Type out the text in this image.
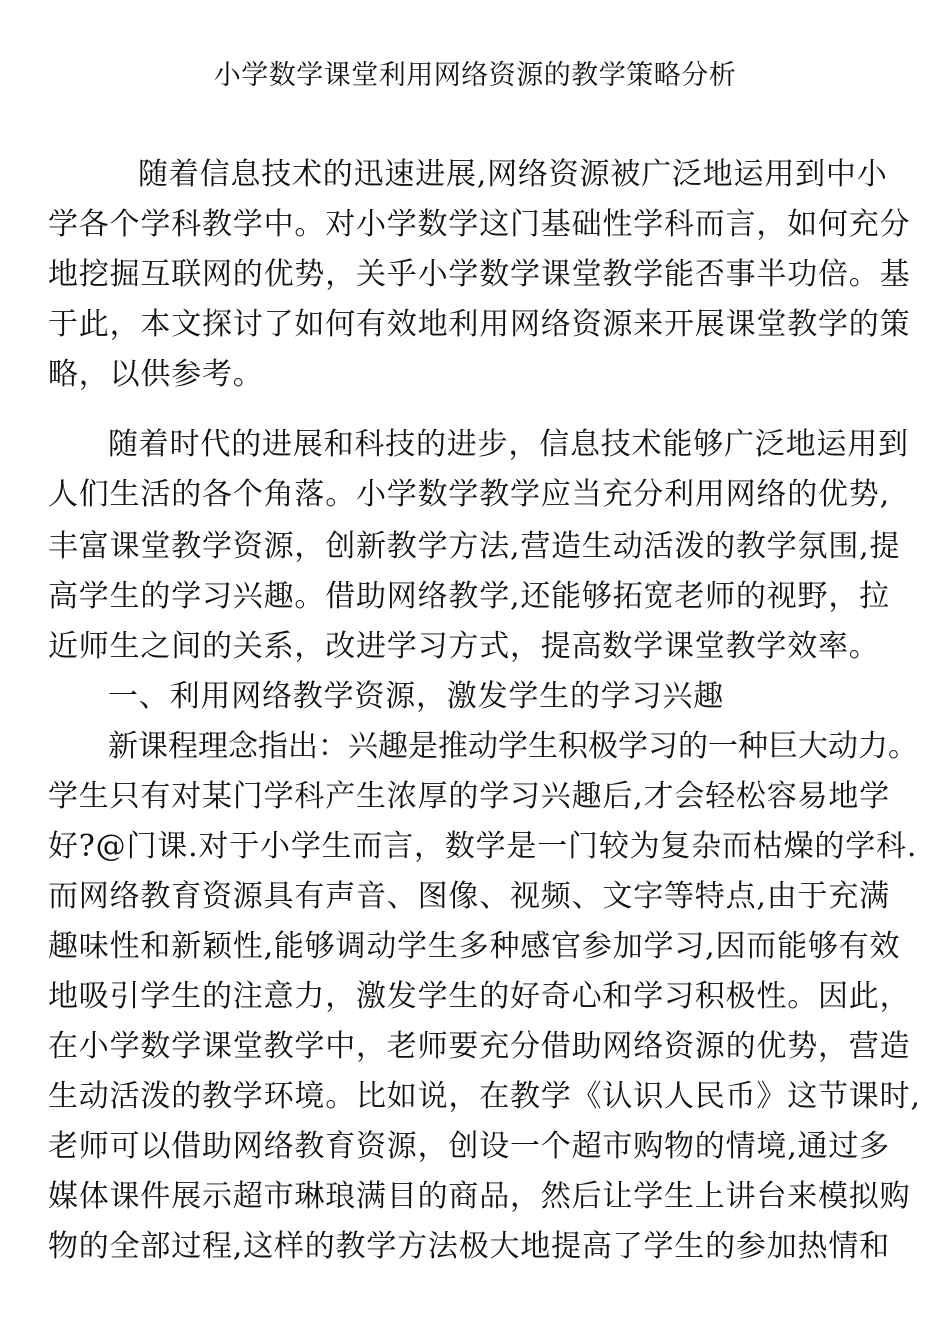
小学数学课堂利用网络资源的教学策略分析
随着信息技术的迅速进展,网络资源被广泛地运用到中小
学各个学科教学中。对小学数学这门基础性学科而言，如何充分
地挖掘互联网的优势，关乎小学数学课堂教学能否事半功倍。基
于此，本文探讨了如何有效地利用网络资源来开展课堂教学的策
略，以供参考。
随着时代的进展和科技的进步，信息技术能够广泛地运用到
人们生活的各个角落。小学数学教学应当充分利用网络的优势,
丰富课堂教学资源，创新教学方法,营造生动活泼的教学氛围,提
高学生的学习兴趣。借助网络教学,还能够拓宽老师的视野，拉
近师生之间的关系，改进学习方式，提高数学课堂教学效率。
一、利用网络教学资源，激发学生的学习兴趣
新课程理念指出：兴趣是推动学生积极学习的一种巨大动力。
学生只有对某门学科产生浓厚的学习兴趣后,才会轻松容易地学
好?@门课.对于小学生而言，数学是一门较为复杂而枯燥的学科.
而网络教育资源具有声音、图像、视频、文字等特点,由于充满
趣味性和新颖性,能够调动学生多种感官参加学习,因而能够有效
地吸引学生的注意力，激发学生的好奇心和学习积极性。因此，
在小学数学课堂教学中，老师要充分借助网络资源的优势，营造
生动活泼的教学环境。比如说，在教学《认识人民币》这节课时,
老师可以借助网络教育资源，创设一个超市购物的情境,通过多
媒体课件展示超市琳琅满目的商品，然后让学生上讲台来模拟购
物的全部过程,这样的教学方法极大地提高了学生的参加热情和
